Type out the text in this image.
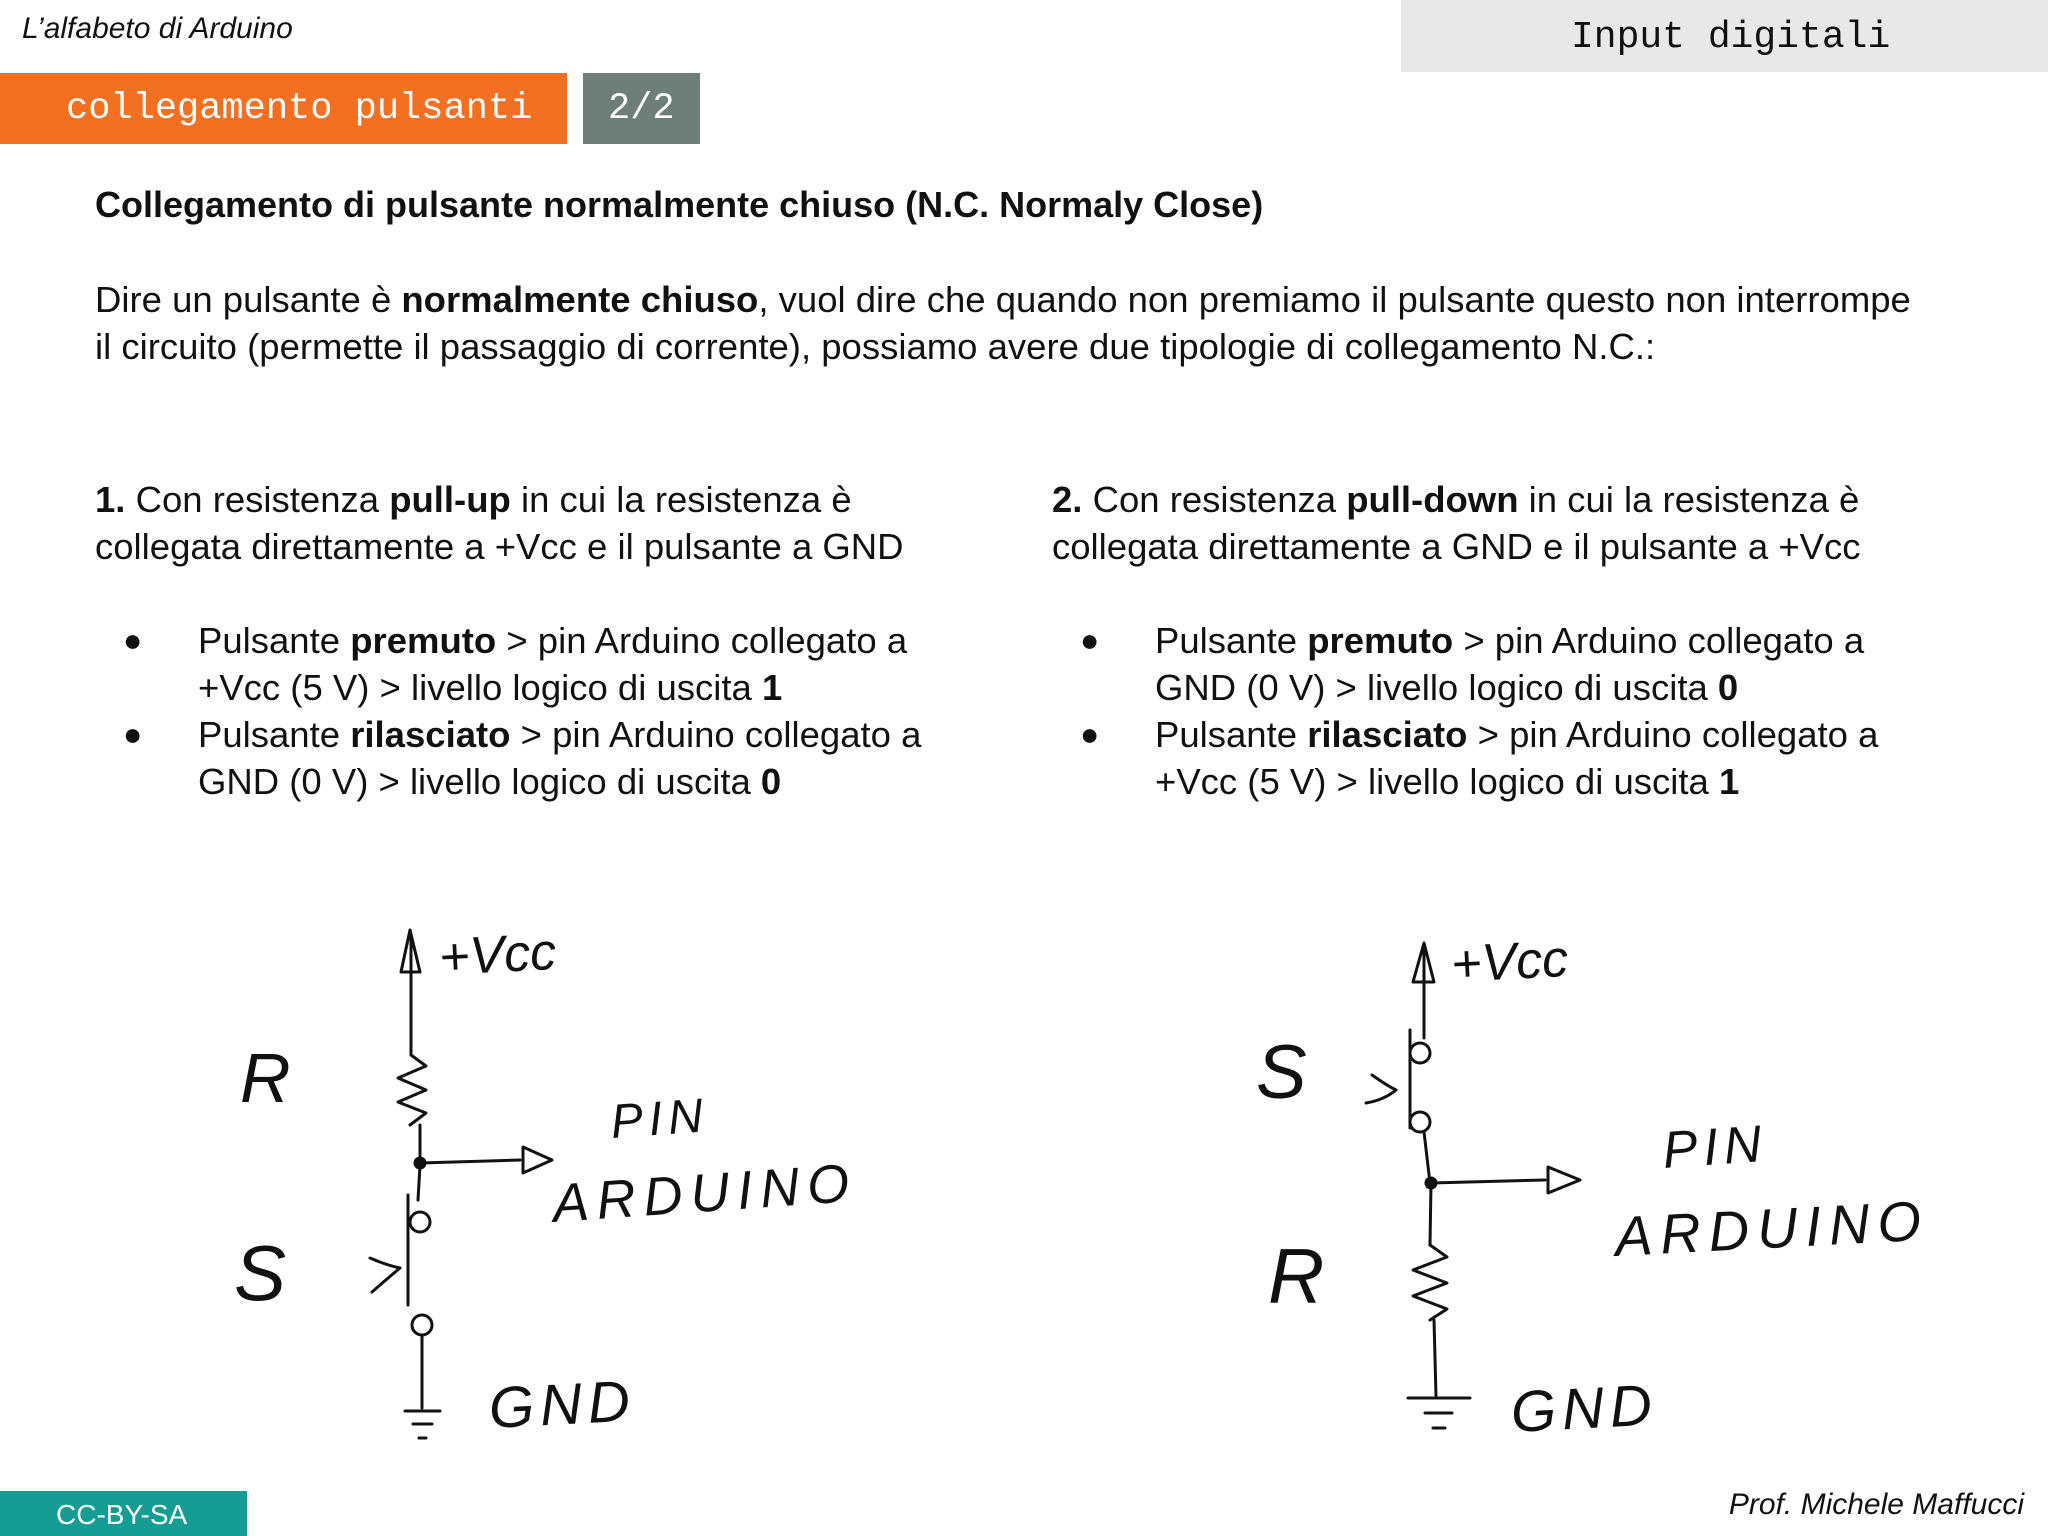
L’alfabeto di Arduino	Input digitali
collegamento pulsanti 2/2
Collegamento di pulsante normalmente chiuso (N.C. Normaly Close)
Dire un pulsante è normalmente chiuso, vuol dire che quando non premiamo il pulsante questo non interrompe il circuito (permette il passaggio di corrente), possiamo avere due tipologie di collegamento N.C.:
1. Con resistenza pull-up in cui la resistenza è collegata direttamente a +Vcc e il pulsante a GND
● Pulsante premuto > pin Arduino collegato a +Vcc (5 V) > livello logico di uscita 1
● Pulsante rilasciato > pin Arduino collegato a GND (0 V) > livello logico di uscita 0
2. Con resistenza pull-down in cui la resistenza è collegata direttamente a GND e il pulsante a +Vcc
● Pulsante premuto > pin Arduino collegato a GND (0 V) > livello logico di uscita 0
● Pulsante rilasciato > pin Arduino collegato a +Vcc (5 V) > livello logico di uscita 1
+Vcc
R
S
PIN
ARDUINO
GND
+Vcc
S
R
PIN
ARDUINO
GND
CC-BY-SA	Prof. Michele Maffucci
